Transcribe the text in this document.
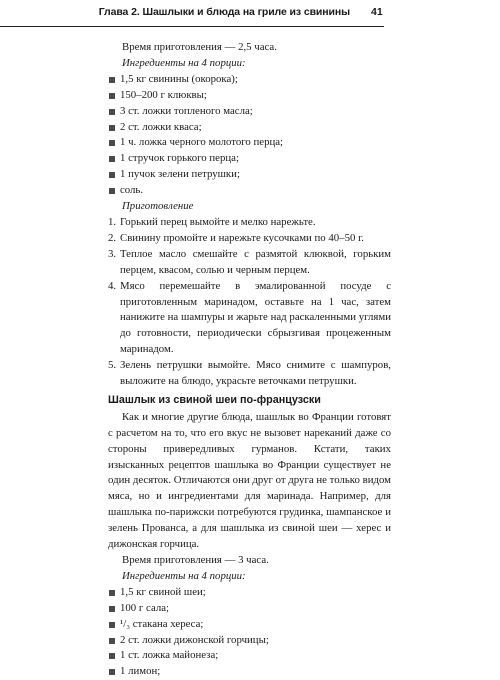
Глава 2. Шашлыки и блюда на гриле из свинины 41

Время приготовления — 2,5 часа.

Ингредиенты на 4 порции:

1,5 кг свинины (окорока);
150–200 г клюквы;
3 ст. ложки топленого масла;
2 ст. ложки кваса;
1 ч. ложка черного молотого перца;
1 стручок горького перца;
1 пучок зелени петрушки;
соль.

Приготовление

1. Горький перец вымойте и мелко нарежьте.
2. Свинину промойте и нарежьте кусочками по 40–50 г.
3. Теплое масло смешайте с размятой клюквой, горьким перцем, квасом, солью и черным перцем.
4. Мясо перемешайте в эмалированной посуде с приготовленным маринадом, оставьте на 1 час, затем нанижите на шампуры и жарьте над раскаленными углями до готовности, периодически сбрызгивая процеженным маринадом.
5. Зелень петрушки вымойте. Мясо снимите с шампуров, выложите на блюдо, украсьте веточками петрушки.
Шашлык из свиной шеи по-французски

Как и многие другие блюда, шашлык во Франции готовят с расчетом на то, что его вкус не вызовет нареканий даже со стороны привередливых гурманов. Кстати, таких изысканных рецептов шашлыка во Франции существует не один десяток. Отличаются они друг от друга не только видом мяса, но и ингредиентами для маринада. Например, для шашлыка по-парижски потребуются грудинка, шампанское и зелень Прованса, а для шашлыка из свиной шеи — херес и дижонская горчица.

Время приготовления — 3 часа.

Ингредиенты на 4 порции:

1,5 кг свиной шеи;
100 г сала;
¹/₃ стакана хереса;
2 ст. ложки дижонской горчицы;
1 ст. ложка майонеза;
1 лимон;
